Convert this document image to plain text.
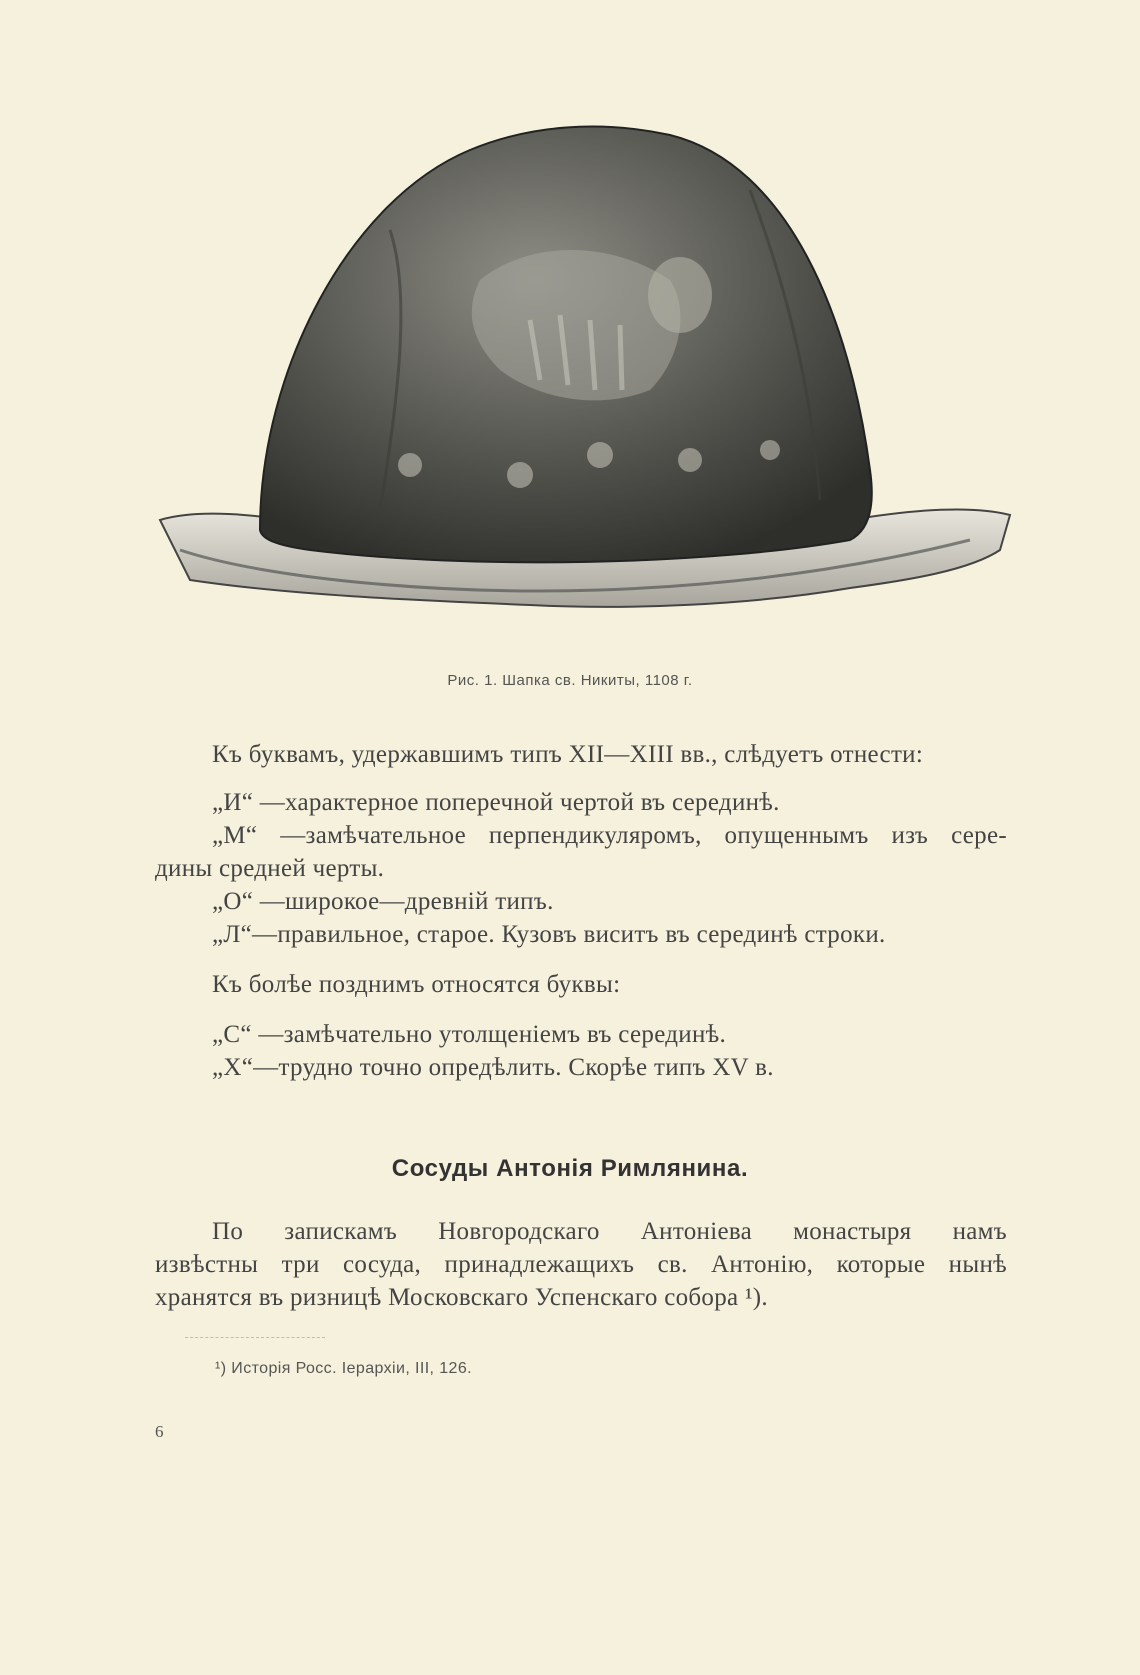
Рис. 1. Шапка св. Никиты, 1108 г.
Къ буквамъ, удержавшимъ типъ XII—XIII вв., слѣдуетъ отнести:
„И“ —характерное поперечной чертой въ серединѣ.
„М“ —замѣчательное перпендикуляромъ, опущеннымъ изъ сере-
дины средней черты.
„О“ —широкое—древній типъ.
„Л“—правильное, старое. Кузовъ виситъ въ серединѣ строки.
Къ болѣе позднимъ относятся буквы:
„С“ —замѣчательно утолщеніемъ въ серединѣ.
„Х“—трудно точно опредѣлить. Скорѣе типъ XV в.
Сосуды Антонія Римлянина.
По запискамъ Новгородскаго Антоніева монастыря намъ
извѣстны три сосуда, принадлежащихъ св. Антонію, которые нынѣ
хранятся въ ризницѣ Московскаго Успенскаго собора ¹).
¹) Исторія Росс. Іерархіи, III, 126.
6
